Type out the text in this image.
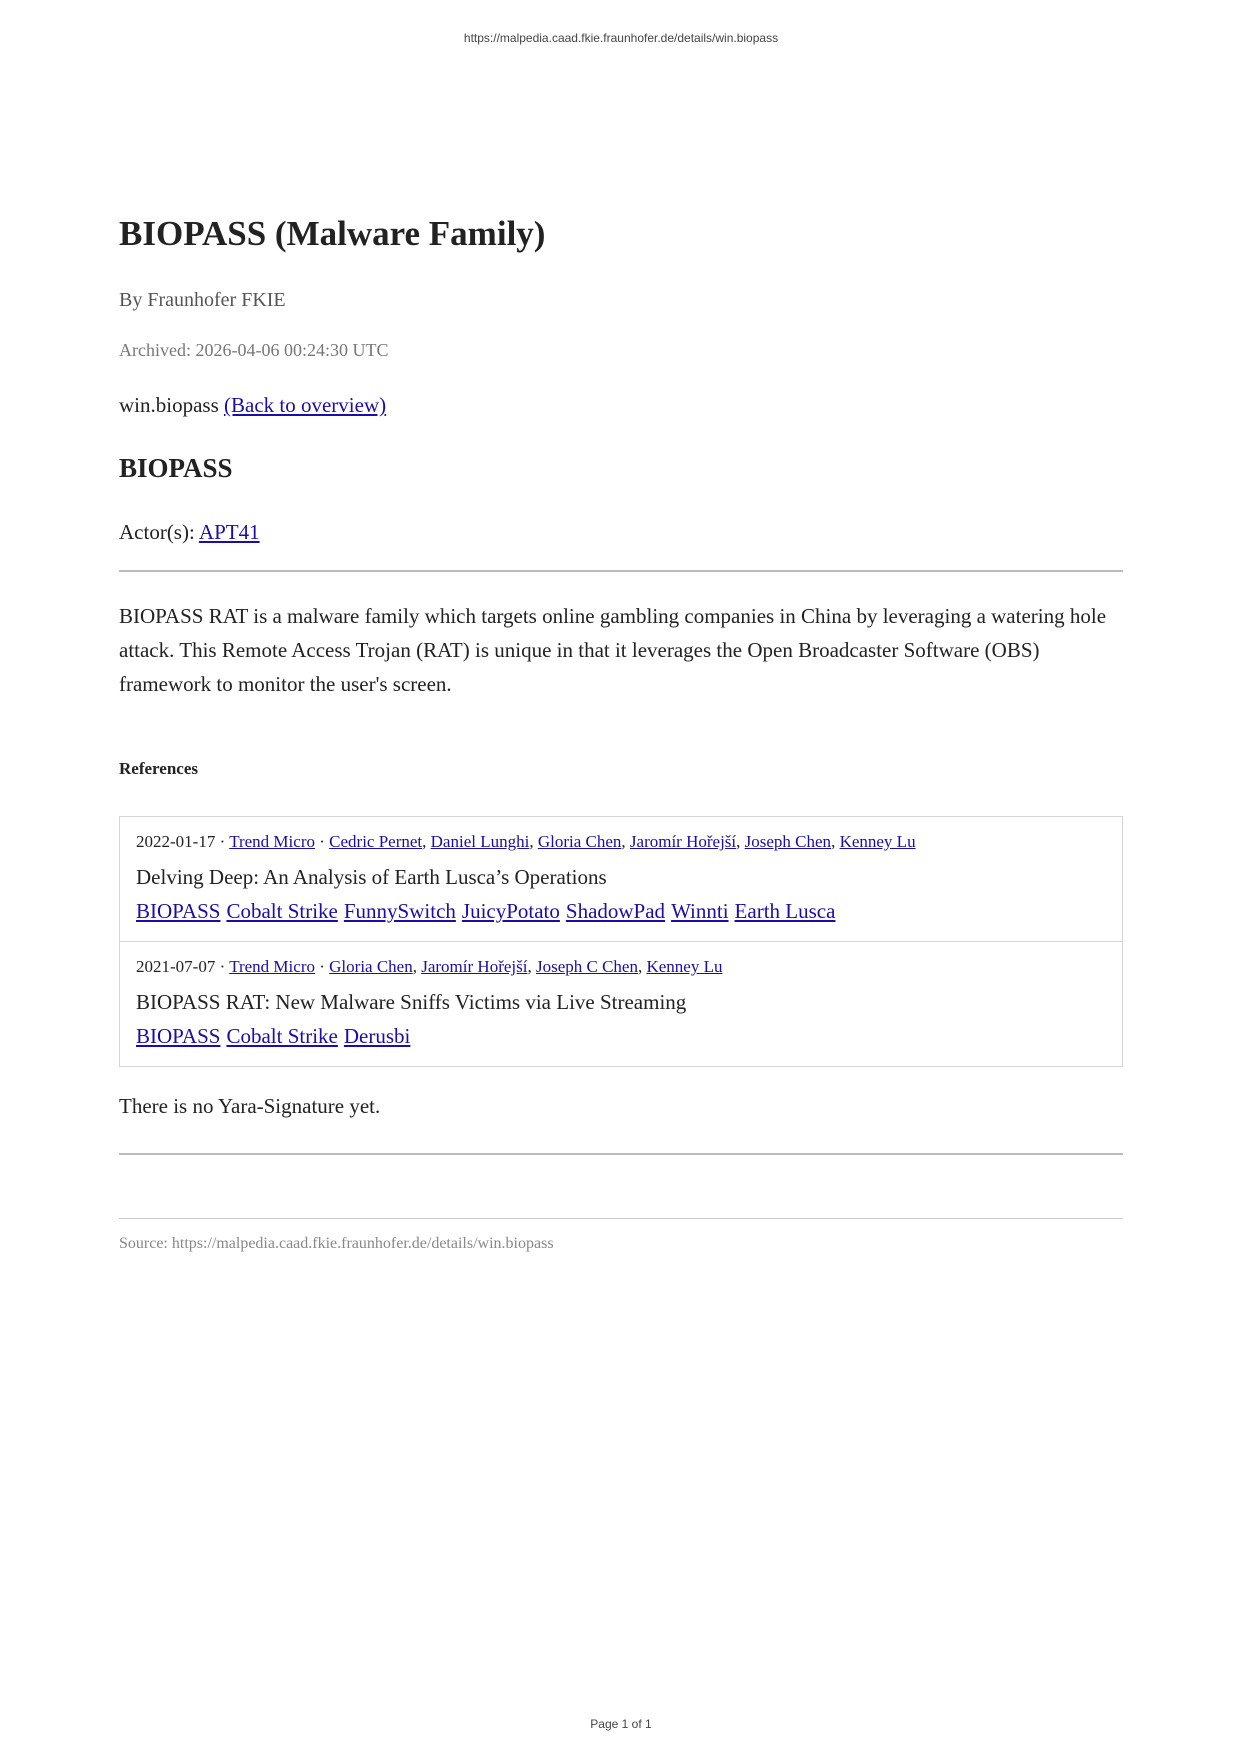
https://malpedia.caad.fkie.fraunhofer.de/details/win.biopass
BIOPASS (Malware Family)
By Fraunhofer FKIE
Archived: 2026-04-06 00:24:30 UTC
win.biopass (Back to overview)
BIOPASS
Actor(s): APT41

BIOPASS RAT is a malware family which targets online gambling companies in China by leveraging a watering hole attack. This Remote Access Trojan (RAT) is unique in that it leverages the Open Broadcaster Software (OBS) framework to monitor the user's screen.

References
2022-01-17 · Trend Micro · Cedric Pernet, Daniel Lunghi, Gloria Chen, Jaromír Hořejší, Joseph Chen, Kenney Lu
Delving Deep: An Analysis of Earth Lusca’s Operations
BIOPASS Cobalt Strike FunnySwitch JuicyPotato ShadowPad Winnti Earth Lusca
2021-07-07 · Trend Micro · Gloria Chen, Jaromír Hořejší, Joseph C Chen, Kenney Lu
BIOPASS RAT: New Malware Sniffs Victims via Live Streaming
BIOPASS Cobalt Strike Derusbi
There is no Yara-Signature yet.
Source: https://malpedia.caad.fkie.fraunhofer.de/details/win.biopass
Page 1 of 1
